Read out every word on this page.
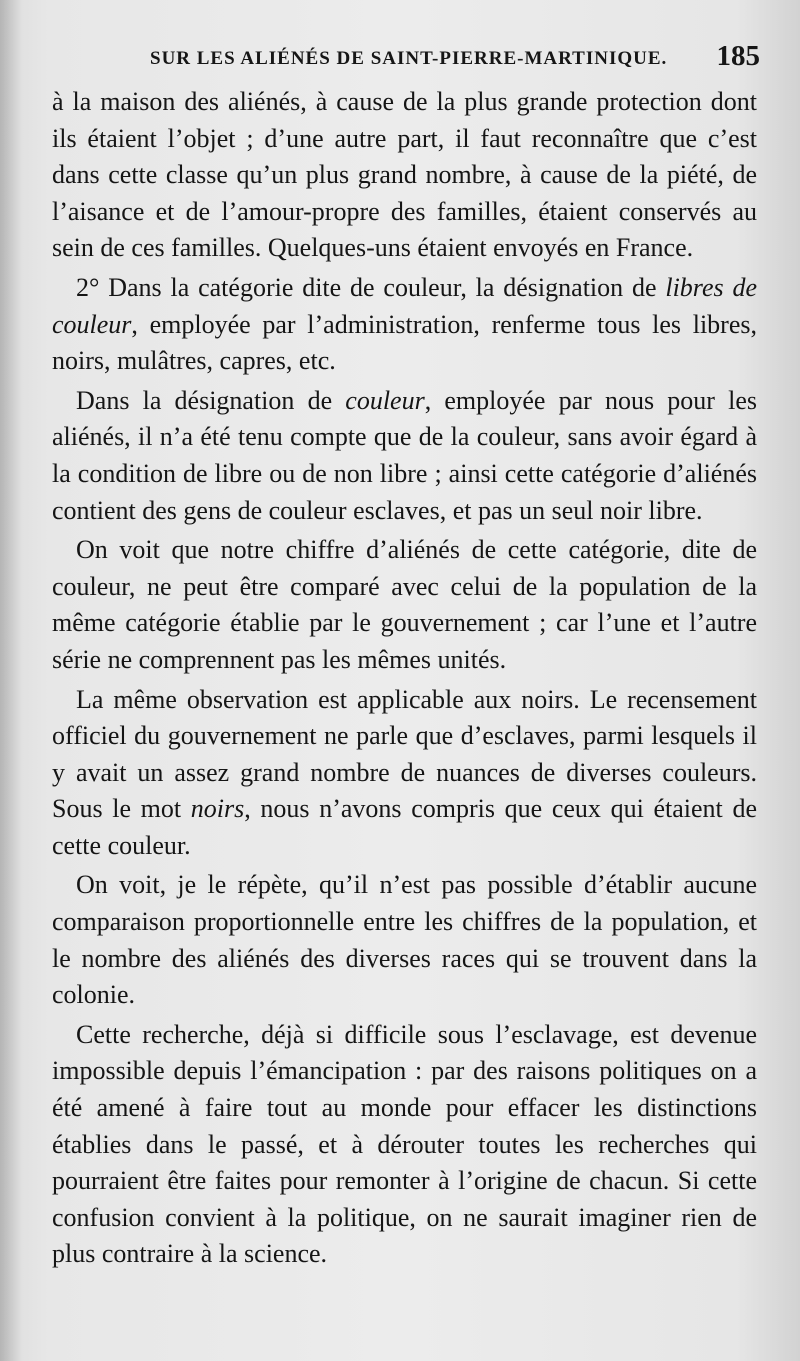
SUR LES ALIÉNÉS DE SAINT-PIERRE-MARTINIQUE. 185

à la maison des aliénés, à cause de la plus grande protection dont ils étaient l’objet ; d’une autre part, il faut reconnaître que c’est dans cette classe qu’un plus grand nombre, à cause de la piété, de l’aisance et de l’amour-propre des familles, étaient conservés au sein de ces familles. Quelques-uns étaient envoyés en France.

2° Dans la catégorie dite de couleur, la désignation de libres de couleur, employée par l’administration, renferme tous les libres, noirs, mulâtres, capres, etc.

Dans la désignation de couleur, employée par nous pour les aliénés, il n’a été tenu compte que de la couleur, sans avoir égard à la condition de libre ou de non libre ; ainsi cette catégorie d’aliénés contient des gens de couleur esclaves, et pas un seul noir libre.

On voit que notre chiffre d’aliénés de cette catégorie, dite de couleur, ne peut être comparé avec celui de la population de la même catégorie établie par le gouvernement ; car l’une et l’autre série ne comprennent pas les mêmes unités.

La même observation est applicable aux noirs. Le recensement officiel du gouvernement ne parle que d’esclaves, parmi lesquels il y avait un assez grand nombre de nuances de diverses couleurs. Sous le mot noirs, nous n’avons compris que ceux qui étaient de cette couleur.

On voit, je le répète, qu’il n’est pas possible d’établir aucune comparaison proportionnelle entre les chiffres de la population, et le nombre des aliénés des diverses races qui se trouvent dans la colonie.

Cette recherche, déjà si difficile sous l’esclavage, est devenue impossible depuis l’émancipation : par des raisons politiques on a été amené à faire tout au monde pour effacer les distinctions établies dans le passé, et à dérouter toutes les recherches qui pourraient être faites pour remonter à l’origine de chacun. Si cette confusion convient à la politique, on ne saurait imaginer rien de plus contraire à la science.
